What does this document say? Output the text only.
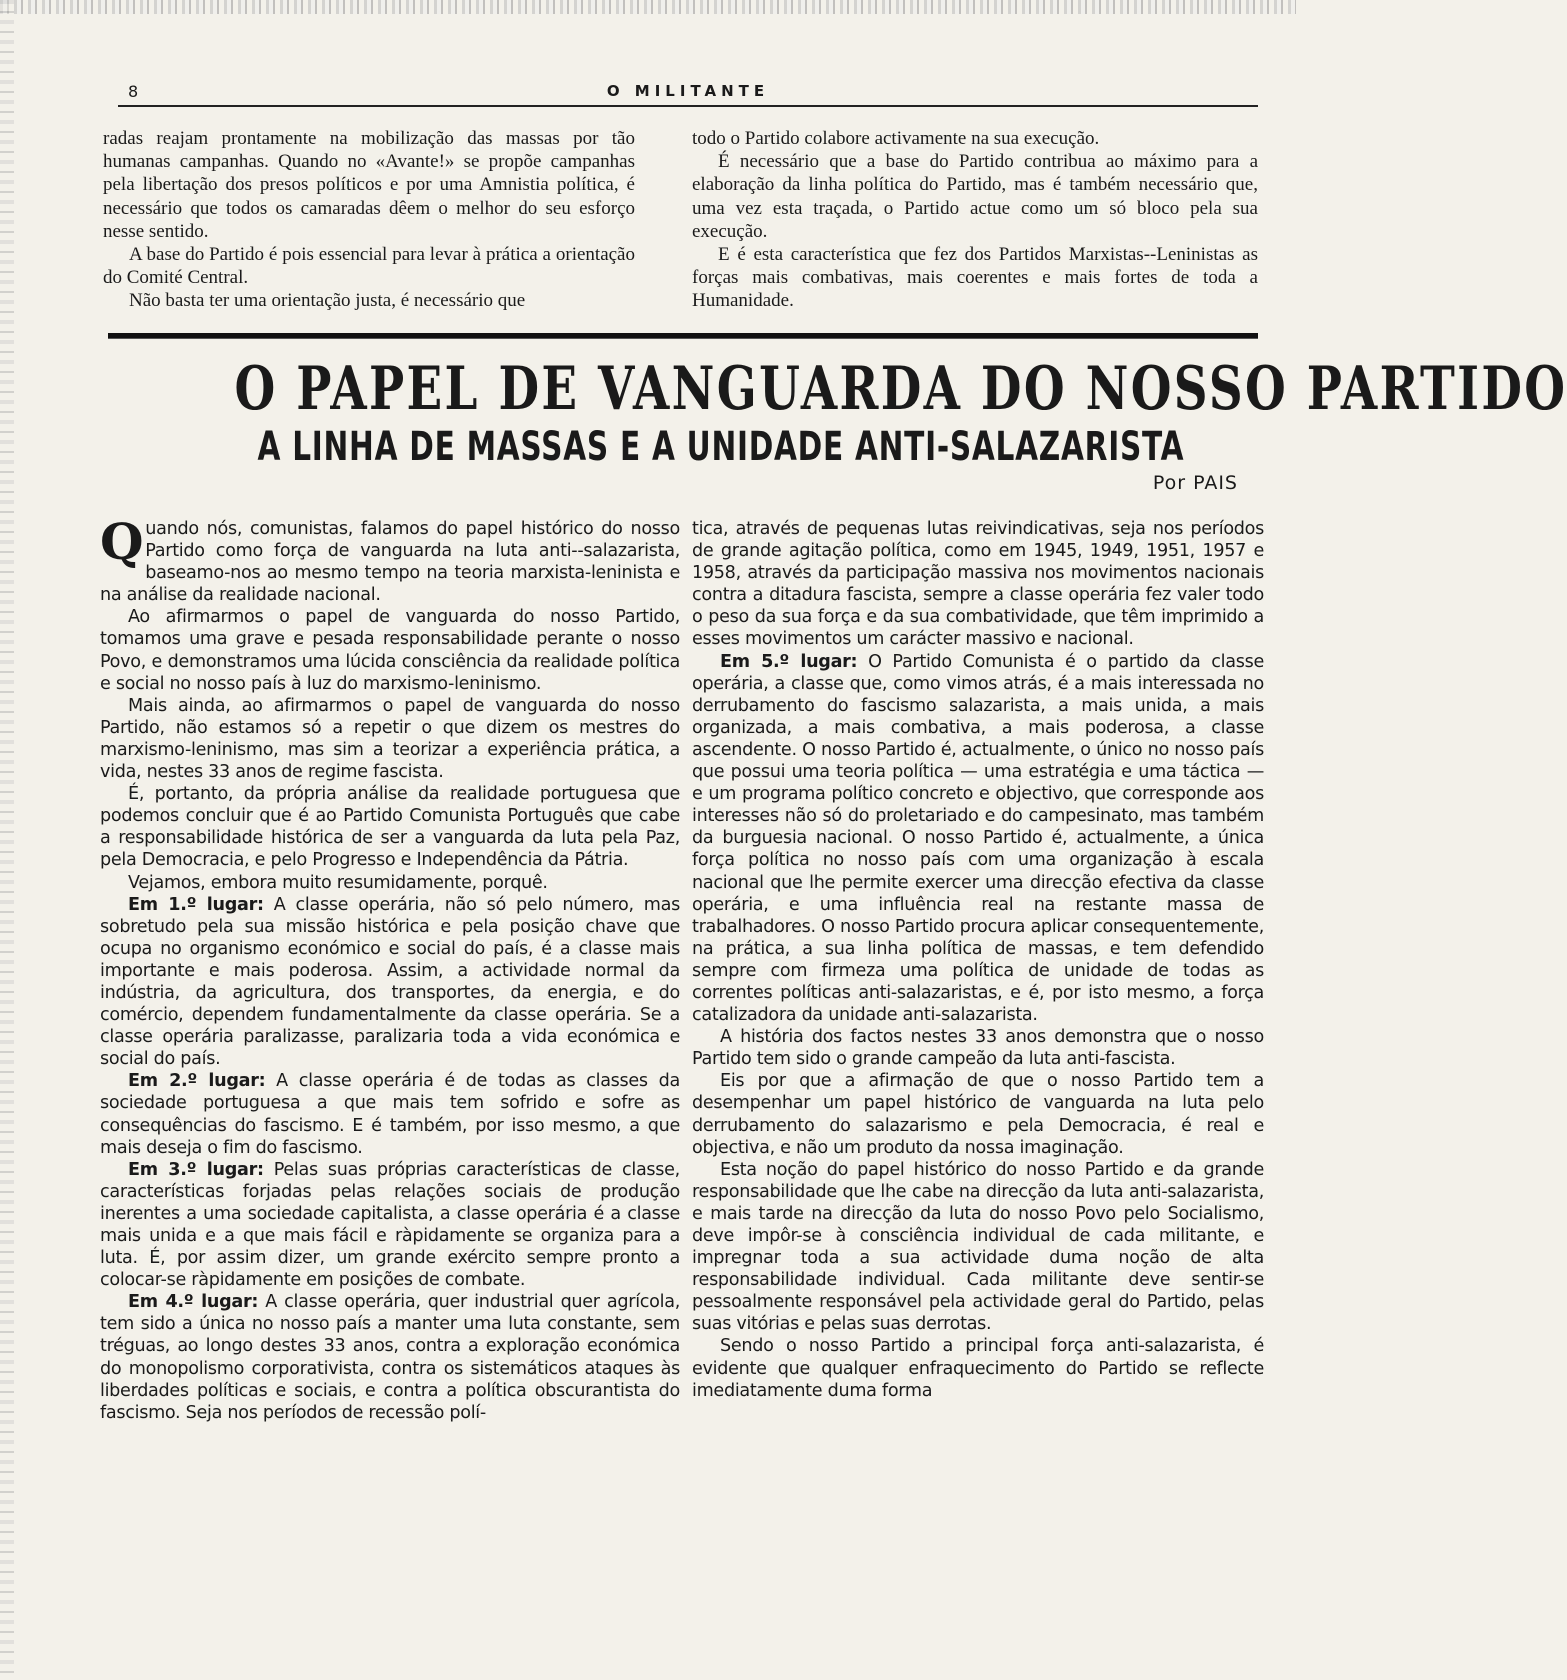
8	O MILITANTE

radas reajam prontamente na mobilização das massas por tão humanas campanhas. Quando no «Avante!» se propõe campanhas pela libertação dos presos políticos e por uma Amnistia política, é necessário que todos os camaradas dêem o melhor do seu esforço nesse sentido.

A base do Partido é pois essencial para levar à prática a orientação do Comité Central.

Não basta ter uma orientação justa, é necessário que

todo o Partido colabore activamente na sua execução.

É necessário que a base do Partido contribua ao máximo para a elaboração da linha política do Partido, mas é também necessário que, uma vez esta traçada, o Partido actue como um só bloco pela sua execução.

E é esta característica que fez dos Partidos Marxistas--Leninistas as forças mais combativas, mais coerentes e mais fortes de toda a Humanidade.

O PAPEL DE VANGUARDA DO NOSSO PARTIDO
A LINHA DE MASSAS E A UNIDADE ANTI-SALAZARISTA
Por PAIS

Quando nós, comunistas, falamos do papel histórico do nosso Partido como força de vanguarda na luta anti--salazarista, baseamo-nos ao mesmo tempo na teoria marxista-leninista e na análise da realidade nacional.

Ao afirmarmos o papel de vanguarda do nosso Partido, tomamos uma grave e pesada responsabilidade perante o nosso Povo, e demonstramos uma lúcida consciência da realidade política e social no nosso país à luz do marxismo-leninismo.

Mais ainda, ao afirmarmos o papel de vanguarda do nosso Partido, não estamos só a repetir o que dizem os mestres do marxismo-leninismo, mas sim a teorizar a experiência prática, a vida, nestes 33 anos de regime fascista.

É, portanto, da própria análise da realidade portuguesa que podemos concluir que é ao Partido Comunista Português que cabe a responsabilidade histórica de ser a vanguarda da luta pela Paz, pela Democracia, e pelo Progresso e Independência da Pátria.

Vejamos, embora muito resumidamente, porquê.

Em 1.º lugar: A classe operária, não só pelo número, mas sobretudo pela sua missão histórica e pela posição chave que ocupa no organismo económico e social do país, é a classe mais importante e mais poderosa. Assim, a actividade normal da indústria, da agricultura, dos transportes, da energia, e do comércio, dependem fundamentalmente da classe operária. Se a classe operária paralizasse, paralizaria toda a vida económica e social do país.

Em 2.º lugar: A classe operária é de todas as classes da sociedade portuguesa a que mais tem sofrido e sofre as consequências do fascismo. E é também, por isso mesmo, a que mais deseja o fim do fascismo.

Em 3.º lugar: Pelas suas próprias características de classe, características forjadas pelas relações sociais de produção inerentes a uma sociedade capitalista, a classe operária é a classe mais unida e a que mais fácil e ràpidamente se organiza para a luta. É, por assim dizer, um grande exército sempre pronto a colocar-se ràpidamente em posições de combate.

Em 4.º lugar: A classe operária, quer industrial quer agrícola, tem sido a única no nosso país a manter uma luta constante, sem tréguas, ao longo destes 33 anos, contra a exploração económica do monopolismo corporativista, contra os sistemáticos ataques às liberdades políticas e sociais, e contra a política obscurantista do fascismo. Seja nos períodos de recessão polí-

tica, através de pequenas lutas reivindicativas, seja nos períodos de grande agitação política, como em 1945, 1949, 1951, 1957 e 1958, através da participação massiva nos movimentos nacionais contra a ditadura fascista, sempre a classe operária fez valer todo o peso da sua força e da sua combatividade, que têm imprimido a esses movimentos um carácter massivo e nacional.

Em 5.º lugar: O Partido Comunista é o partido da classe operária, a classe que, como vimos atrás, é a mais interessada no derrubamento do fascismo salazarista, a mais unida, a mais organizada, a mais combativa, a mais poderosa, a classe ascendente. O nosso Partido é, actualmente, o único no nosso país que possui uma teoria política — uma estratégia e uma táctica — e um programa político concreto e objectivo, que corresponde aos interesses não só do proletariado e do campesinato, mas também da burguesia nacional. O nosso Partido é, actualmente, a única força política no nosso país com uma organização à escala nacional que lhe permite exercer uma direcção efectiva da classe operária, e uma influência real na restante massa de trabalhadores. O nosso Partido procura aplicar consequentemente, na prática, a sua linha política de massas, e tem defendido sempre com firmeza uma política de unidade de todas as correntes políticas anti-salazaristas, e é, por isto mesmo, a força catalizadora da unidade anti-salazarista.

A história dos factos nestes 33 anos demonstra que o nosso Partido tem sido o grande campeão da luta anti-fascista.

Eis por que a afirmação de que o nosso Partido tem a desempenhar um papel histórico de vanguarda na luta pelo derrubamento do salazarismo e pela Democracia, é real e objectiva, e não um produto da nossa imaginação.

Esta noção do papel histórico do nosso Partido e da grande responsabilidade que lhe cabe na direcção da luta anti-salazarista, e mais tarde na direcção da luta do nosso Povo pelo Socialismo, deve impôr-se à consciência individual de cada militante, e impregnar toda a sua actividade duma noção de alta responsabilidade individual. Cada militante deve sentir-se pessoalmente responsável pela actividade geral do Partido, pelas suas vitórias e pelas suas derrotas.

Sendo o nosso Partido a principal força anti-salazarista, é evidente que qualquer enfraquecimento do Partido se reflecte imediatamente duma forma
